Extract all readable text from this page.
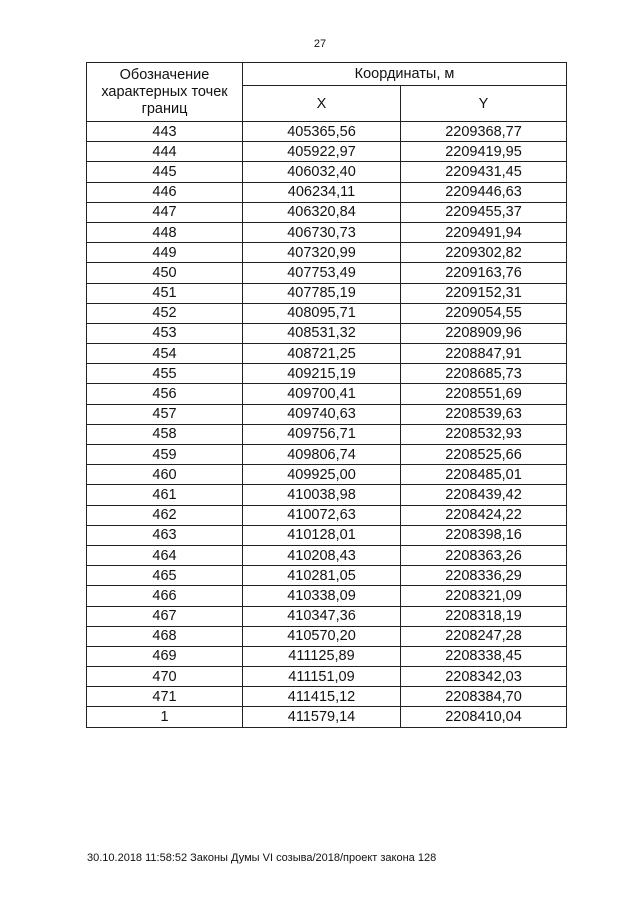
27
Обозначение характерных точек границ	Координаты, м	
	X	Y
443	405365,56	2209368,77
444	405922,97	2209419,95
445	406032,40	2209431,45
446	406234,11	2209446,63
447	406320,84	2209455,37
448	406730,73	2209491,94
449	407320,99	2209302,82
450	407753,49	2209163,76
451	407785,19	2209152,31
452	408095,71	2209054,55
453	408531,32	2208909,96
454	408721,25	2208847,91
455	409215,19	2208685,73
456	409700,41	2208551,69
457	409740,63	2208539,63
458	409756,71	2208532,93
459	409806,74	2208525,66
460	409925,00	2208485,01
461	410038,98	2208439,42
462	410072,63	2208424,22
463	410128,01	2208398,16
464	410208,43	2208363,26
465	410281,05	2208336,29
466	410338,09	2208321,09
467	410347,36	2208318,19
468	410570,20	2208247,28
469	411125,89	2208338,45
470	411151,09	2208342,03
471	411415,12	2208384,70
1	411579,14	2208410,04
30.10.2018 11:58:52 Законы Думы VI созыва/2018/проект закона 128
